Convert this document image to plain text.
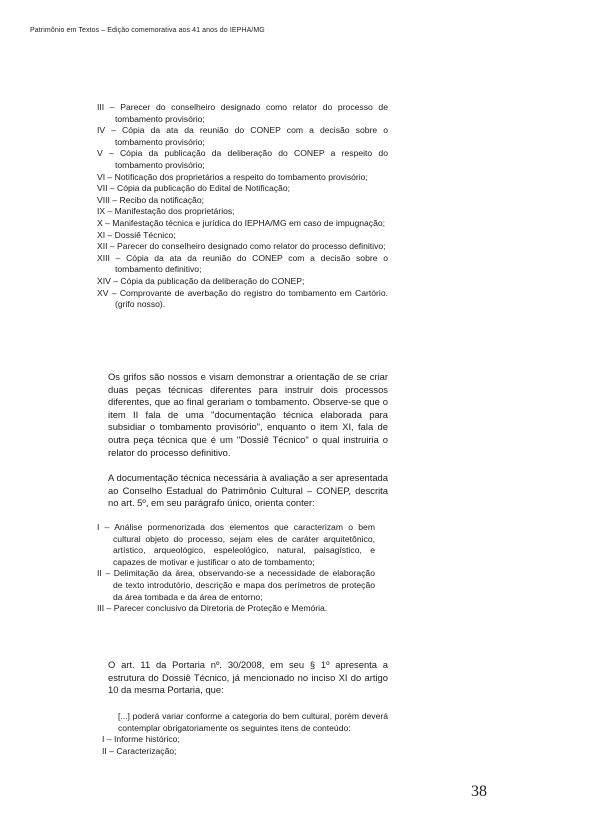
Patrimônio em Textos – Edição comemorativa aos 41 anos do IEPHA/MG
III – Parecer do conselheiro designado como relator do processo de tombamento provisório;
IV – Cópia da ata da reunião do CONEP com a decisão sobre o tombamento provisório;
V – Cópia da publicação da deliberação do CONEP a respeito do tombamento provisório;
VI – Notificação dos proprietários a respeito do tombamento provisório;
VII – Cópia da publicação do Edital de Notificação;
VIII – Recibo da notificação;
IX – Manifestação dos proprietários;
X – Manifestação técnica e jurídica do IEPHA/MG em caso de impugnação;
XI – Dossiê Técnico;
XII – Parecer do conselheiro designado como relator do processo definitivo;
XIII – Cópia da ata da reunião do CONEP com a decisão sobre o tombamento definitivo;
XIV – Cópia da publicação da deliberação do CONEP;
XV – Comprovante de averbação do registro do tombamento em Cartório. (grifo nosso).

Os grifos são nossos e visam demonstrar a orientação de se criar duas peças técnicas diferentes para instruir dois processos diferentes, que ao final gerariam o tombamento. Observe-se que o item II fala de uma "documentação técnica elaborada para subsidiar o tombamento provisório", enquanto o item XI, fala de outra peça técnica que é um "Dossiê Técnico" o qual instruiria o relator do processo definitivo.

A documentação técnica necessária à avaliação a ser apresentada ao Conselho Estadual do Patrimônio Cultural – CONEP, descrita no art. 5º, em seu parágrafo único, orienta conter:

I – Análise pormenorizada dos elementos que caracterizam o bem cultural objeto do processo, sejam eles de caráter arquitetônico, artístico, arqueológico, espeleológico, natural, paisagístico, e capazes de motivar e justificar o ato de tombamento;
II – Delimitação da área, observando-se a necessidade de elaboração de texto introdutório, descrição e mapa dos perímetros de proteção da área tombada e da área de entorno;
III – Parecer conclusivo da Diretoria de Proteção e Memória.

O art. 11 da Portaria nº. 30/2008, em seu § 1º apresenta a estrutura do Dossiê Técnico, já mencionado no inciso XI do artigo 10 da mesma Portaria, que:

[...] poderá variar conforme a categoria do bem cultural, porém deverá contemplar obrigatoriamente os seguintes itens de conteúdo:
I – Informe histórico;
II – Caracterização;
38
